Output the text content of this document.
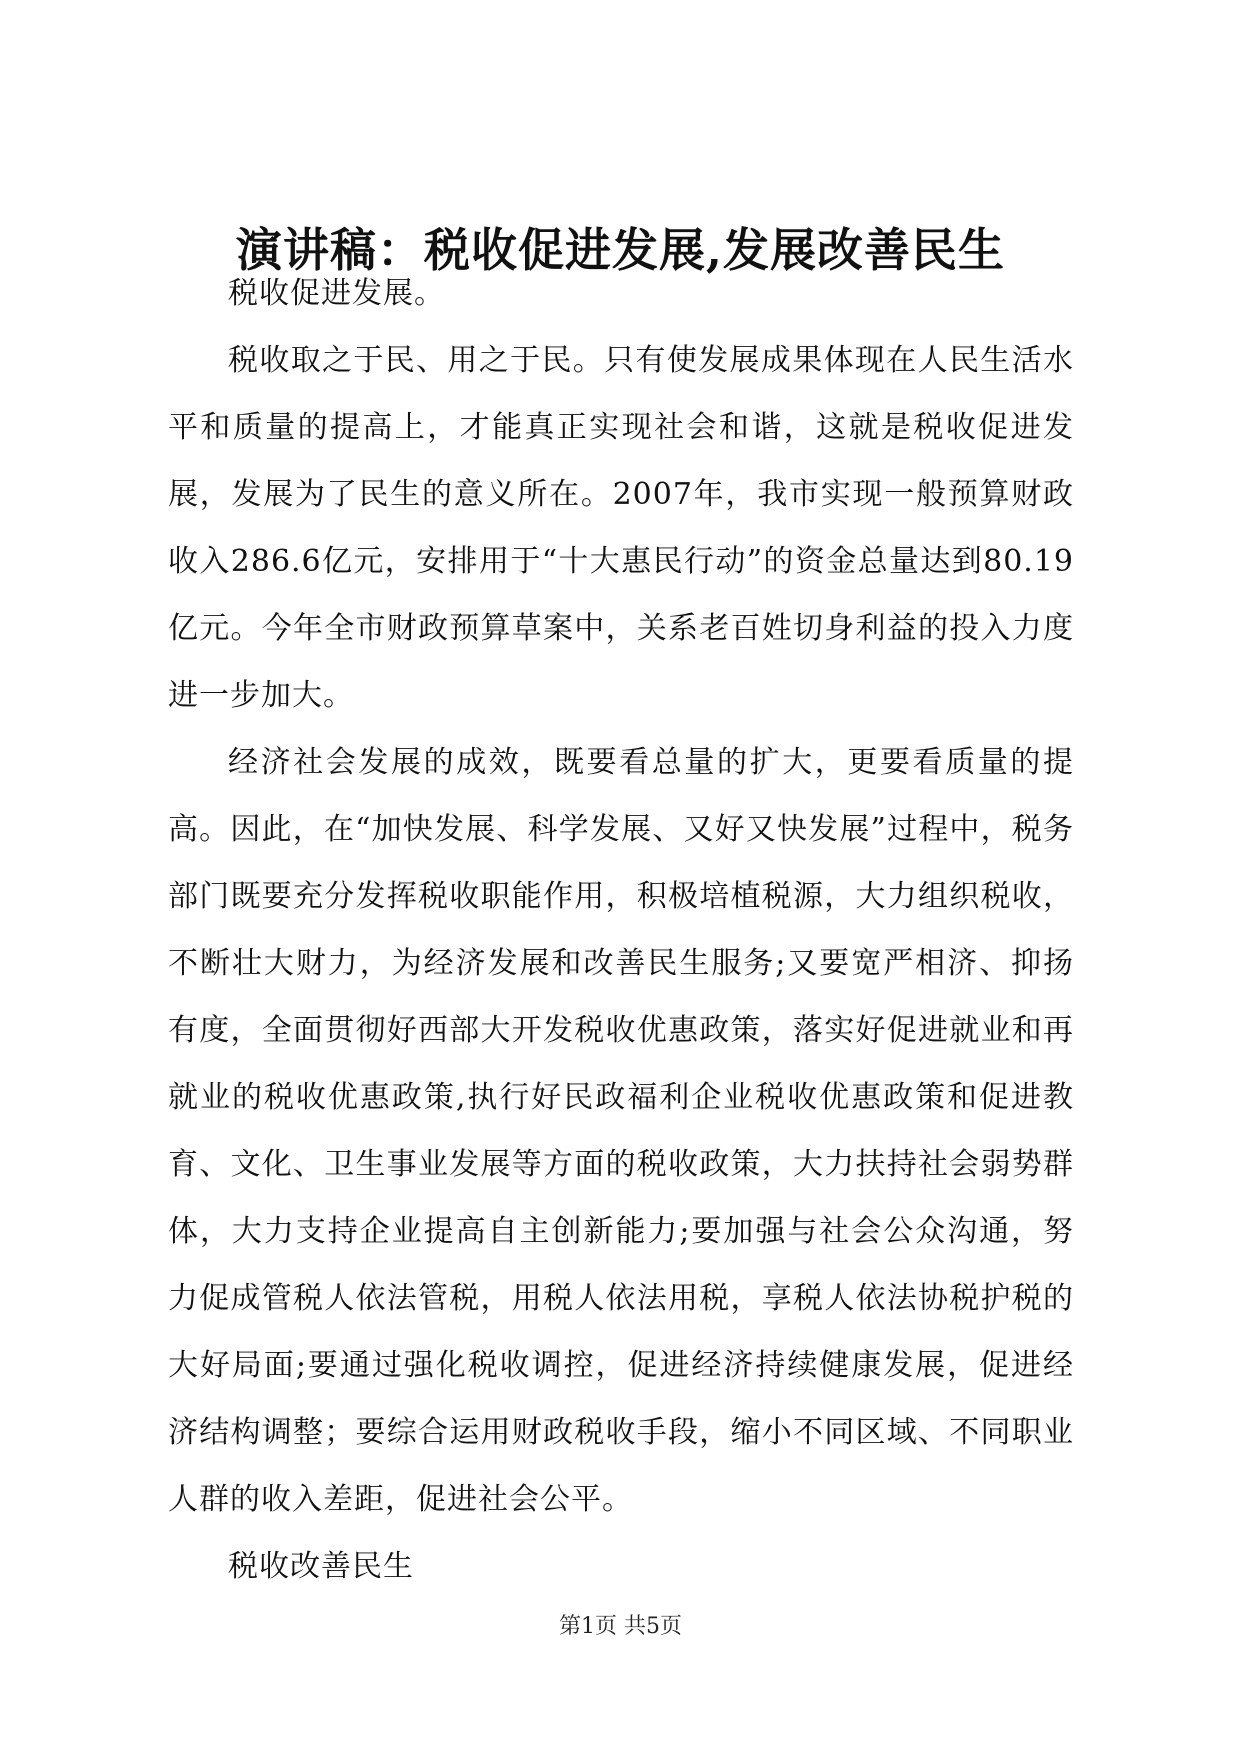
演讲稿：税收促进发展,发展改善民生

税收促进发展。

税收取之于民、用之于民。只有使发展成果体现在人民生活水平和质量的提高上，才能真正实现社会和谐，这就是税收促进发展，发展为了民生的意义所在。2007年，我市实现一般预算财政收入286.6亿元，安排用于“十大惠民行动”的资金总量达到80.19亿元。今年全市财政预算草案中，关系老百姓切身利益的投入力度进一步加大。

经济社会发展的成效，既要看总量的扩大，更要看质量的提高。因此，在“加快发展、科学发展、又好又快发展”过程中，税务部门既要充分发挥税收职能作用，积极培植税源，大力组织税收，不断壮大财力，为经济发展和改善民生服务;又要宽严相济、抑扬有度，全面贯彻好西部大开发税收优惠政策，落实好促进就业和再就业的税收优惠政策,执行好民政福利企业税收优惠政策和促进教育、文化、卫生事业发展等方面的税收政策，大力扶持社会弱势群体，大力支持企业提高自主创新能力;要加强与社会公众沟通，努力促成管税人依法管税，用税人依法用税，享税人依法协税护税的大好局面;要通过强化税收调控，促进经济持续健康发展，促进经济结构调整；要综合运用财政税收手段，缩小不同区域、不同职业人群的收入差距，促进社会公平。

税收改善民生

第1页 共5页
